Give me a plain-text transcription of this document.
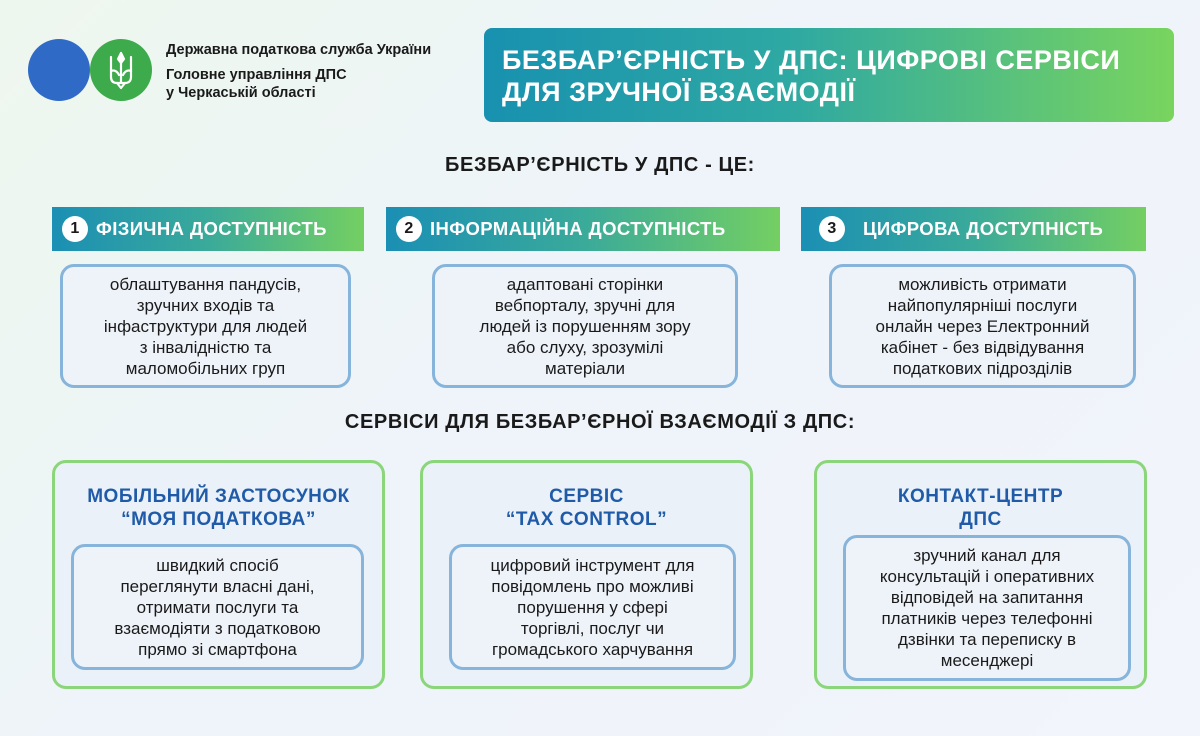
Державна податкова служба України
Головне управління ДПС
у Черкаській області
БЕЗБАР’ЄРНІСТЬ У ДПС: ЦИФРОВІ СЕРВІСИ
ДЛЯ ЗРУЧНОЇ ВЗАЄМОДІЇ
БЕЗБАР’ЄРНІСТЬ У ДПС - ЦЕ:
1 ФІЗИЧНА ДОСТУПНІСТЬ	2 ІНФОРМАЦІЙНА ДОСТУПНІСТЬ	3	ЦИФРОВА ДОСТУПНІСТЬ
облаштування пандусів,
зручних входів та
інфаструктури для людей
з інвалідністю та
маломобільних груп
адаптовані сторінки
вебпорталу, зручні для
людей із порушенням зору
або слуху, зрозумілі
матеріали
можливість отримати
найпопулярніші послуги
онлайн через Електронний
кабінет - без відвідування
податкових підрозділів
СЕРВІСИ ДЛЯ БЕЗБАР’ЄРНОЇ ВЗАЄМОДІЇ З ДПС:
МОБІЛЬНИЙ ЗАСТОСУНОК
“МОЯ ПОДАТКОВА”
швидкий спосіб
переглянути власні дані,
отримати послуги та
взаємодіяти з податковою
прямо зі смартфона
СЕРВІС
“TAX CONTROL”
цифровий інструмент для
повідомлень про можливі
порушення у сфері
торгівлі, послуг чи
громадського харчування
КОНТАКТ-ЦЕНТР
ДПС
зручний канал для
консультацій і оперативних
відповідей на запитання
платників через телефонні
дзвінки та переписку в
месенджері
